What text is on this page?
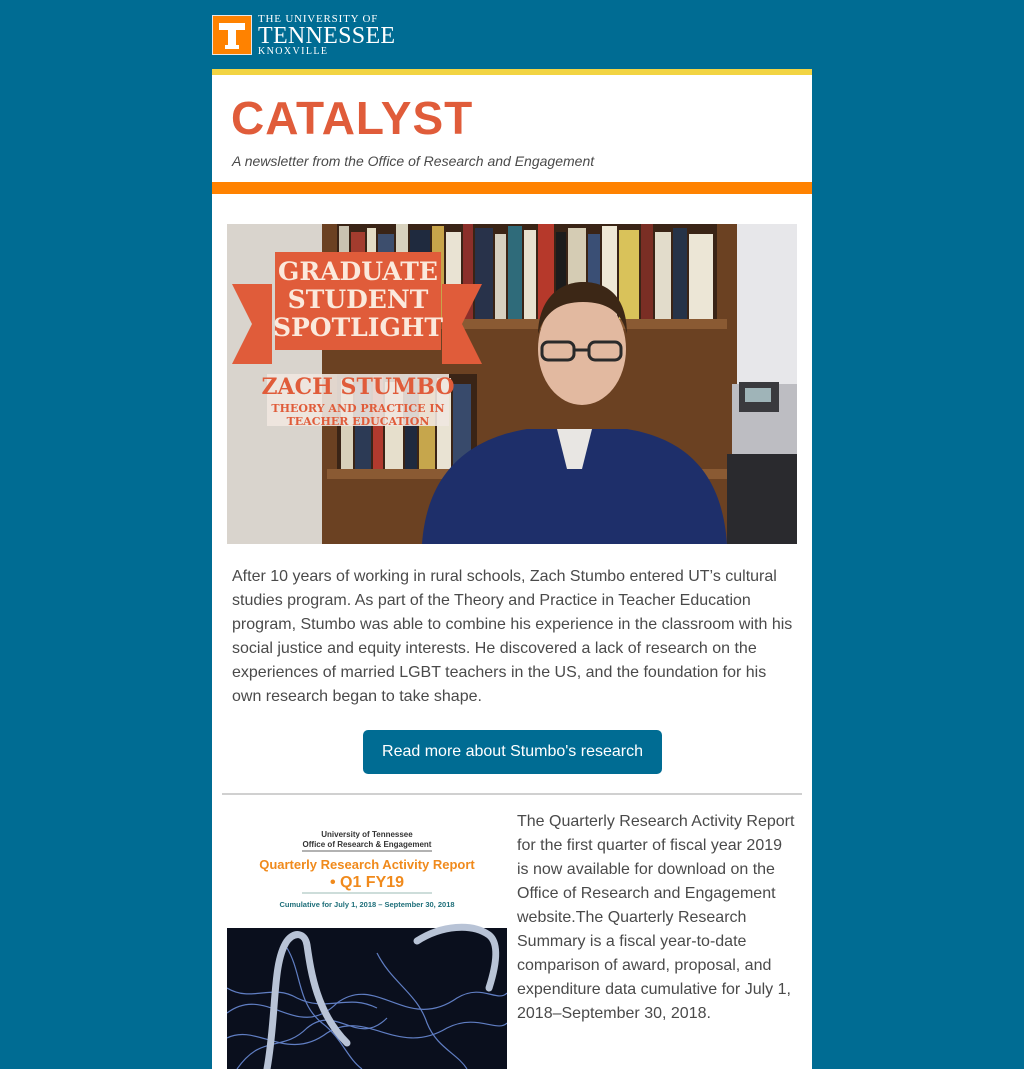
THE UNIVERSITY OF
TENNESSEE
KNOXVILLE
CATALYST
A newsletter from the Office of Research and Engagement
GRADUATE
STUDENT
SPOTLIGHT
ZACH STUMBO
THEORY AND PRACTICE IN
TEACHER EDUCATION

After 10 years of working in rural schools, Zach Stumbo entered UT’s cultural studies program. As part of the Theory and Practice in Teacher Education program, Stumbo was able to combine his experience in the classroom with his social justice and equity interests. He discovered a lack of research on the experiences of married LGBT teachers in the US, and the foundation for his own research began to take shape.

Read more about Stumbo's research
University of Tennessee
Office of Research & Engagement
Quarterly Research Activity Report
• Q1 FY19
Cumulative for July 1, 2018 – September 30, 2018

The Quarterly Research Activity Report for the first quarter of fiscal year 2019 is now available for download on the Office of Research and Engagement website.The Quarterly Research Summary is a fiscal year-to-date comparison of award, proposal, and expenditure data cumulative for July 1, 2018–September 30, 2018.
